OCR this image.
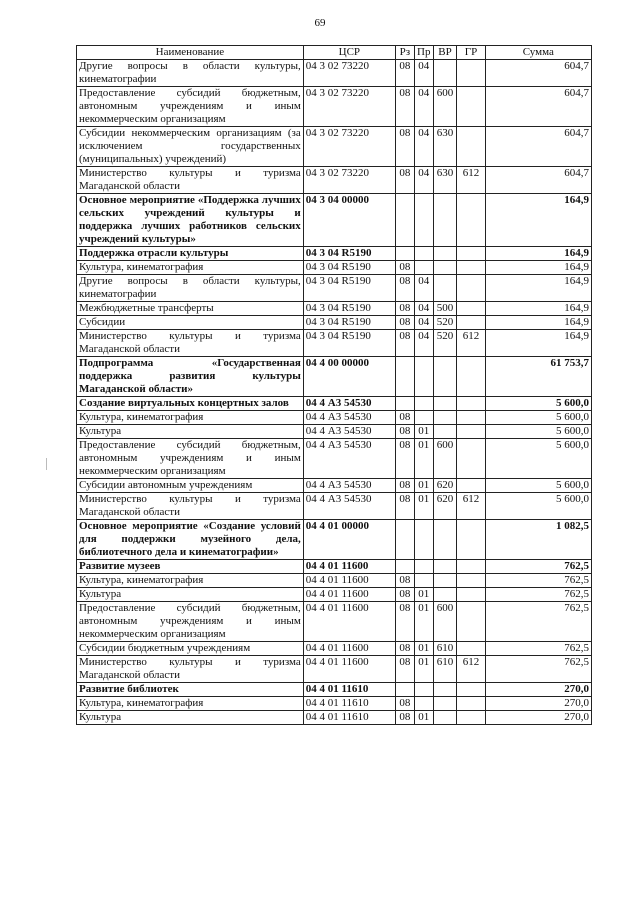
69
Наименование	ЦСР	Рз	Пр	ВР	ГР	Сумма
Другие вопросы в области культуры, кинематографии	04 3 02 73220	08	04			604,7
Предоставление субсидий бюджетным, автономным учреждениям и иным некоммерческим организациям	04 3 02 73220	08	04	600		604,7
Субсидии некоммерческим организациям (за исключением государственных (муниципальных) учреждений)	04 3 02 73220	08	04	630		604,7
Министерство культуры и туризма Магаданской области	04 3 02 73220	08	04	630	612	604,7
Основное мероприятие «Поддержка лучших сельских учреждений культуры и поддержка лучших работников сельских учреждений культуры»	04 3 04 00000					164,9
Поддержка отрасли культуры	04 3 04 R5190					164,9
Культура, кинематография	04 3 04 R5190	08				164,9
Другие вопросы в области культуры, кинематографии	04 3 04 R5190	08	04			164,9
Межбюджетные трансферты	04 3 04 R5190	08	04	500		164,9
Субсидии	04 3 04 R5190	08	04	520		164,9
Министерство культуры и туризма Магаданской области	04 3 04 R5190	08	04	520	612	164,9
Подпрограмма «Государственная поддержка развития культуры Магаданской области»	04 4 00 00000					61 753,7
Создание виртуальных концертных залов	04 4 А3 54530					5 600,0
Культура, кинематография	04 4 А3 54530	08				5 600,0
Культура	04 4 А3 54530	08	01			5 600,0
Предоставление субсидий бюджетным, автономным учреждениям и иным некоммерческим организациям	04 4 А3 54530	08	01	600		5 600,0
Субсидии автономным учреждениям	04 4 А3 54530	08	01	620		5 600,0
Министерство культуры и туризма Магаданской области	04 4 А3 54530	08	01	620	612	5 600,0
Основное мероприятие «Создание условий для поддержки музейного дела, библиотечного дела и кинематографии»	04 4 01 00000					1 082,5
Развитие музеев	04 4 01 11600					762,5
Культура, кинематография	04 4 01 11600	08				762,5
Культура	04 4 01 11600	08	01			762,5
Предоставление субсидий бюджетным, автономным учреждениям и иным некоммерческим организациям	04 4 01 11600	08	01	600		762,5
Субсидии бюджетным учреждениям	04 4 01 11600	08	01	610		762,5
Министерство культуры и туризма Магаданской области	04 4 01 11600	08	01	610	612	762,5
Развитие библиотек	04 4 01 11610					270,0
Культура, кинематография	04 4 01 11610	08				270,0
Культура	04 4 01 11610	08	01			270,0
